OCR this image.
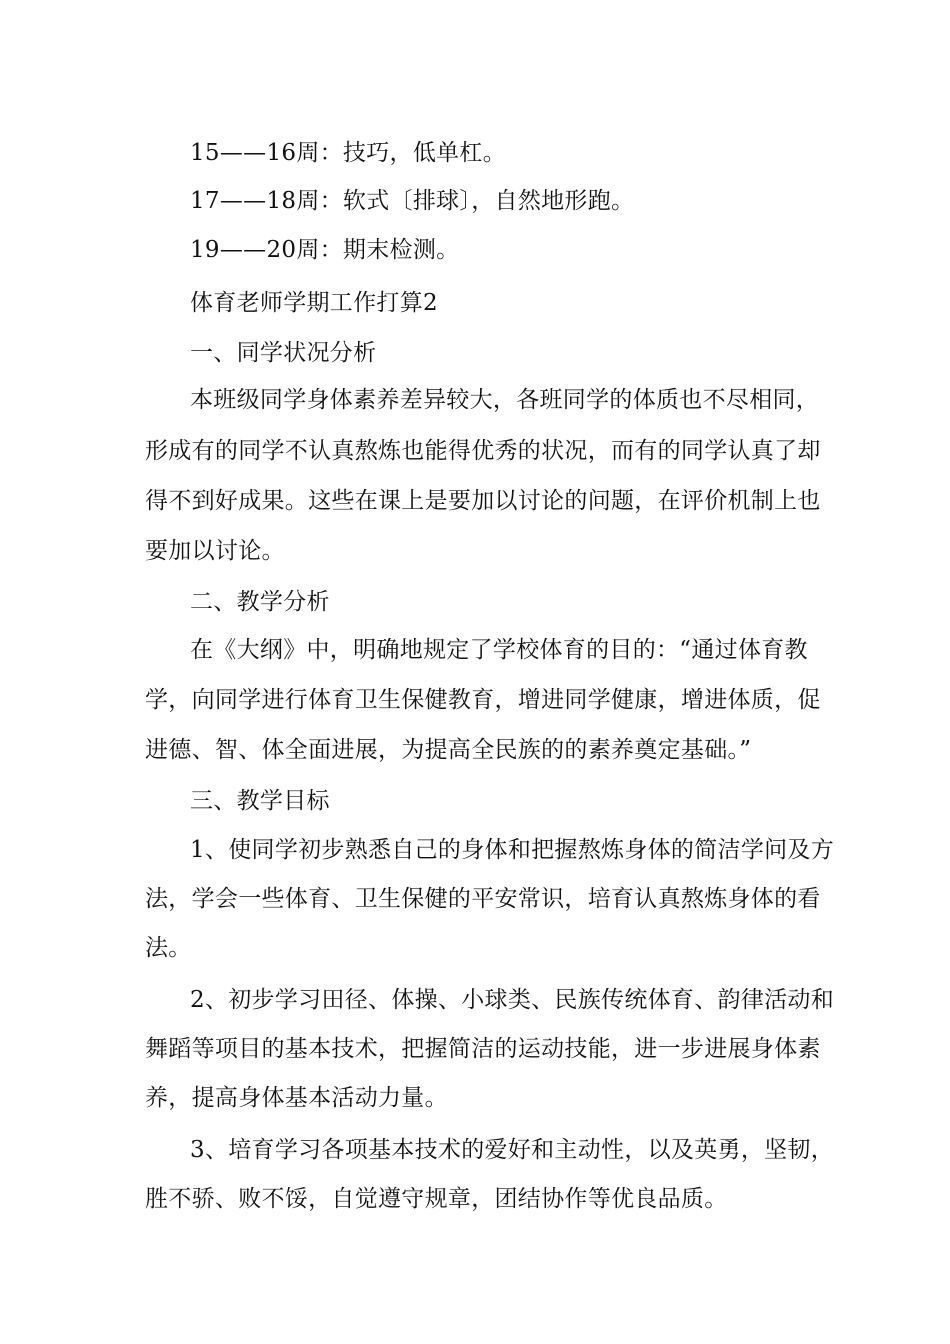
15——16周：技巧，低单杠。
17——18周：软式〔排球〕，自然地形跑。
19——20周：期末检测。
体育老师学期工作打算2
一、同学状况分析
本班级同学身体素养差异较大，各班同学的体质也不尽相同，
形成有的同学不认真熬炼也能得优秀的状况，而有的同学认真了却
得不到好成果。这些在课上是要加以讨论的问题，在评价机制上也
要加以讨论。
二、教学分析
在《大纲》中，明确地规定了学校体育的目的：“通过体育教
学，向同学进行体育卫生保健教育，增进同学健康，增进体质，促
进德、智、体全面进展，为提高全民族的的素养奠定基础。”
三、教学目标
1、使同学初步熟悉自己的身体和把握熬炼身体的简洁学问及方
法，学会一些体育、卫生保健的平安常识，培育认真熬炼身体的看
法。
2、初步学习田径、体操、小球类、民族传统体育、韵律活动和
舞蹈等项目的基本技术，把握简洁的运动技能，进一步进展身体素
养，提高身体基本活动力量。
3、培育学习各项基本技术的爱好和主动性，以及英勇，坚韧，
胜不骄、败不馁，自觉遵守规章，团结协作等优良品质。
